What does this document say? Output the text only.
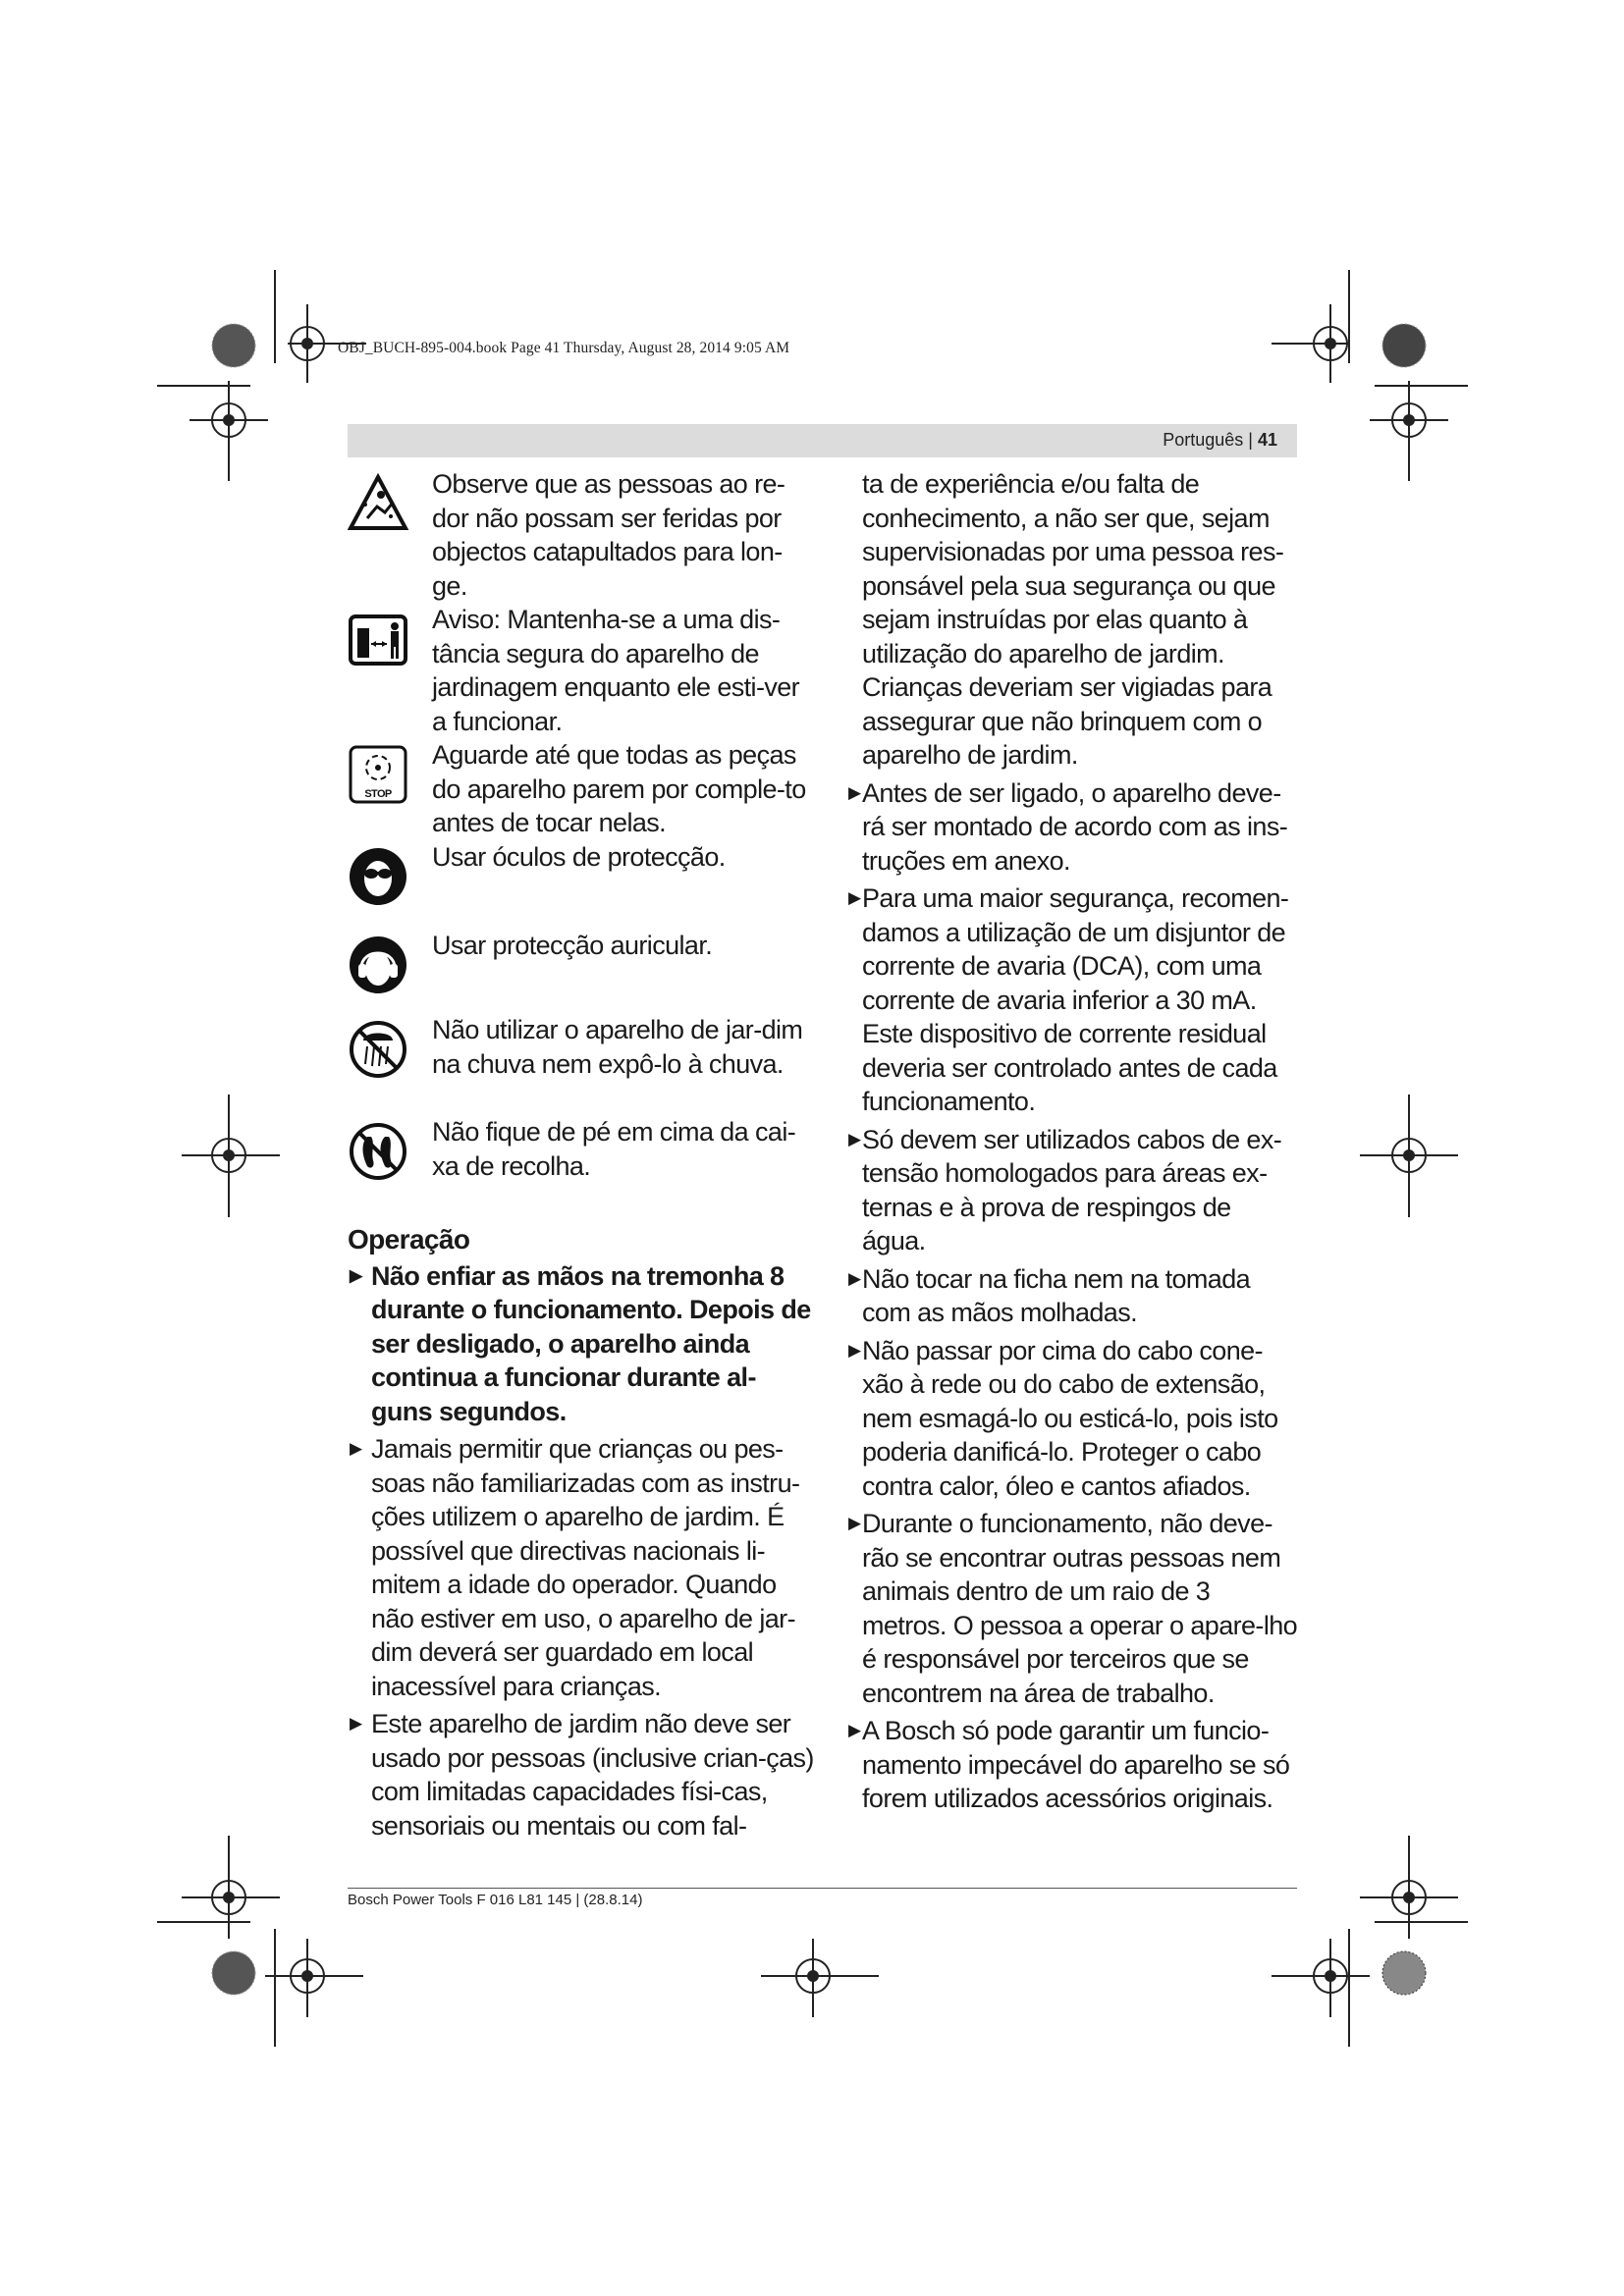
OBJ_BUCH-895-004.book Page 41 Thursday, August 28, 2014 9:05 AM
Português | 41
Observe que as pessoas ao re-dor não possam ser feridas por objectos catapultados para lon-ge.
Aviso: Mantenha-se a uma dis-tância segura do aparelho de jardinagem enquanto ele esti-ver a funcionar.
STOP
Aguarde até que todas as peças do aparelho parem por comple-to antes de tocar nelas.
Usar óculos de protecção.
Usar protecção auricular.
Não utilizar o aparelho de jar-dim na chuva nem expô-lo à chuva.
Não fique de pé em cima da cai-xa de recolha.
Operação
▶ Não enfiar as mãos na tremonha 8 durante o funcionamento. Depois de ser desligado, o aparelho ainda continua a funcionar durante al-guns segundos.
▶ Jamais permitir que crianças ou pes-soas não familiarizadas com as instru-ções utilizem o aparelho de jardim. É possível que directivas nacionais li-mitem a idade do operador. Quando não estiver em uso, o aparelho de jar-dim deverá ser guardado em local inacessível para crianças.
▶ Este aparelho de jardim não deve ser usado por pessoas (inclusive crian-ças) com limitadas capacidades físi-cas, sensoriais ou mentais ou com fal-
ta de experiência e/ou falta de conhecimento, a não ser que, sejam supervisionadas por uma pessoa res-ponsável pela sua segurança ou que sejam instruídas por elas quanto à utilização do aparelho de jardim. Crianças deveriam ser vigiadas para assegurar que não brinquem com o aparelho de jardim.
▶ Antes de ser ligado, o aparelho deve-rá ser montado de acordo com as ins-truções em anexo.
▶ Para uma maior segurança, recomen-damos a utilização de um disjuntor de corrente de avaria (DCA), com uma corrente de avaria inferior a 30 mA. Este dispositivo de corrente residual deveria ser controlado antes de cada funcionamento.
▶ Só devem ser utilizados cabos de ex-tensão homologados para áreas ex-ternas e à prova de respingos de água.
▶ Não tocar na ficha nem na tomada com as mãos molhadas.
▶ Não passar por cima do cabo cone-xão à rede ou do cabo de extensão, nem esmagá-lo ou esticá-lo, pois isto poderia danificá-lo. Proteger o cabo contra calor, óleo e cantos afiados.
▶ Durante o funcionamento, não deve-rão se encontrar outras pessoas nem animais dentro de um raio de 3 metros. O pessoa a operar o apare-lho é responsável por terceiros que se encontrem na área de trabalho.
▶ A Bosch só pode garantir um funcio-namento impecável do aparelho se só forem utilizados acessórios originais.
Bosch Power Tools F 016 L81 145 | (28.8.14)
